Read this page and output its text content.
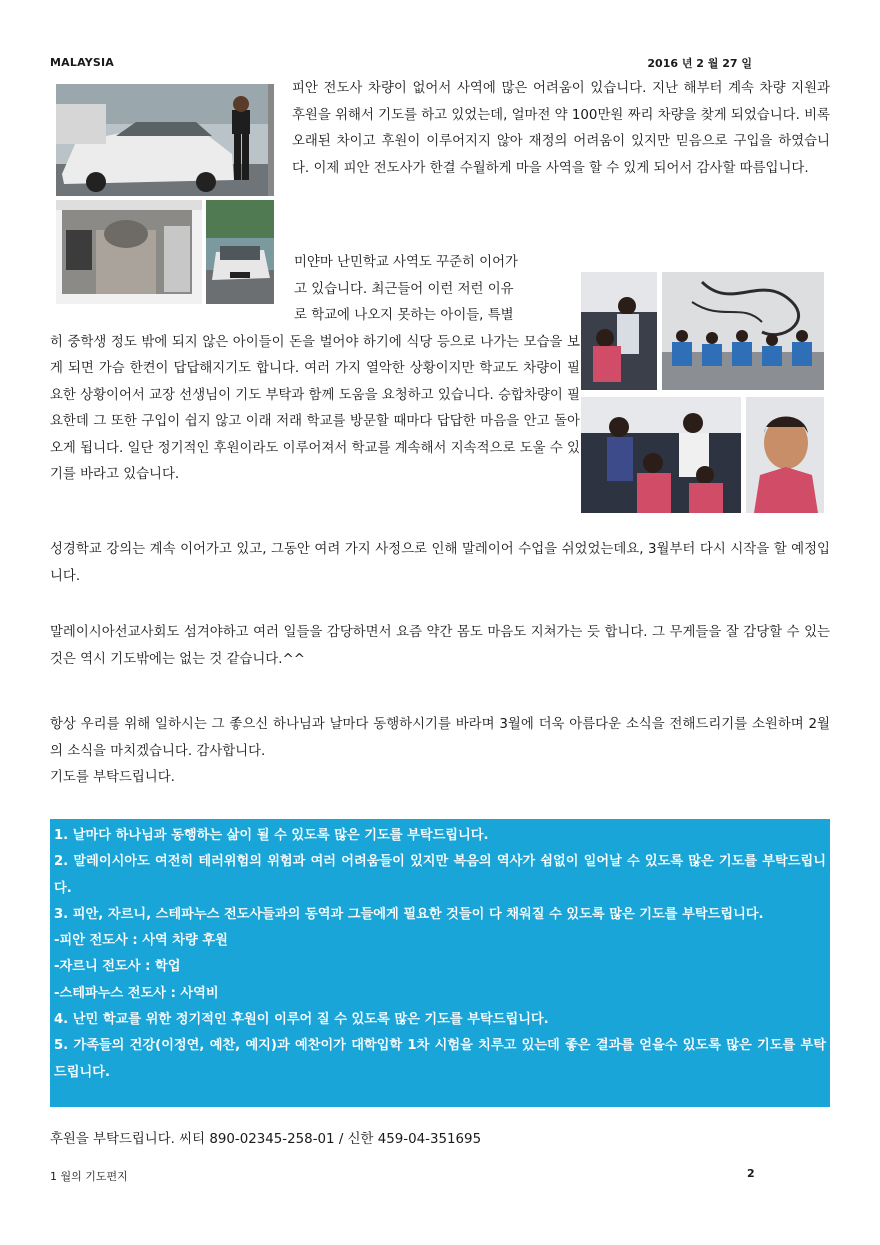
MALAYSIA	2016 년 2 월 27 일

피안 전도사 차량이 없어서 사역에 많은 어려움이 있습니다. 지난 해부터 계속 차량 지원과 후원을 위해서 기도를 하고 있었는데, 얼마전 약 100만원 짜리 차량을 찾게 되었습니다. 비록 오래된 차이고 후원이 이루어지지 않아 재정의 어려움이 있지만 믿음으로 구입을 하였습니다. 이제 피안 전도사가 한결 수월하게 마을 사역을 할 수 있게 되어서 감사할 따름입니다.

미얀마 난민학교 사역도 꾸준히 이어가
고 있습니다. 최근들어 이런 저런 이유
로 학교에 나오지 못하는 아이들, 특별
히 중학생 정도 밖에 되지 않은 아이들이 돈을 벌어야 하기에 식당 등으로 나가는 모습을 보게 되면 가슴 한켠이 답답해지기도 합니다. 여러 가지 열악한 상황이지만 학교도 차량이 필요한 상황이어서 교장 선생님이 기도 부탁과 함께 도움을 요청하고 있습니다. 승합차량이 필요한데 그 또한 구입이 쉽지 않고 이래 저래 학교를 방문할 때마다 답답한 마음을 안고 돌아오게 됩니다. 일단 정기적인 후원이라도 이루어져서 학교를 계속해서 지속적으로 도울 수 있기를 바라고 있습니다.

성경학교 강의는 계속 이어가고 있고, 그동안 여려 가지 사정으로 인해 말레이어 수업을 쉬었었는데요, 3월부터 다시 시작을 할 예정입니다.

말레이시아선교사회도 섬겨야하고 여러 일들을 감당하면서 요즘 약간 몸도 마음도 지쳐가는 듯 합니다. 그 무게들을 잘 감당할 수 있는 것은 역시 기도밖에는 없는 것 같습니다.^^

항상 우리를 위해 일하시는 그 좋으신 하나님과 날마다 동행하시기를 바라며 3월에 더욱 아름다운 소식을 전해드리기를 소원하며 2월의 소식을 마치겠습니다. 감사합니다.
기도를 부탁드립니다.
1. 날마다 하나님과 동행하는 삶이 될 수 있도록 많은 기도를 부탁드립니다.
2. 말레이시아도 여전히 테러위험의 위험과 여러 어려움들이 있지만 복음의 역사가 쉼없이 일어날 수 있도록 많은 기도를 부탁드립니다.
3. 피안, 자르니, 스테파누스 전도사들과의 동역과 그들에게 필요한 것들이 다 채워질 수 있도록 많은 기도를 부탁드립니다.
-피안 전도사 : 사역 차량 후원
-자르니 전도사 : 학업
-스테파누스 전도사 : 사역비
4. 난민 학교를 위한 정기적인 후원이 이루어 질 수 있도록 많은 기도를 부탁드립니다.
5. 가족들의 건강(이정연, 예찬, 예지)과 예찬이가 대학입학 1차 시험을 치루고 있는데 좋은 결과를 얻을수 있도록 많은 기도를 부탁드립니다.
후원을 부탁드립니다. 씨티 890-02345-258-01 / 신한 459-04-351695
1 월의 기도편지	2
